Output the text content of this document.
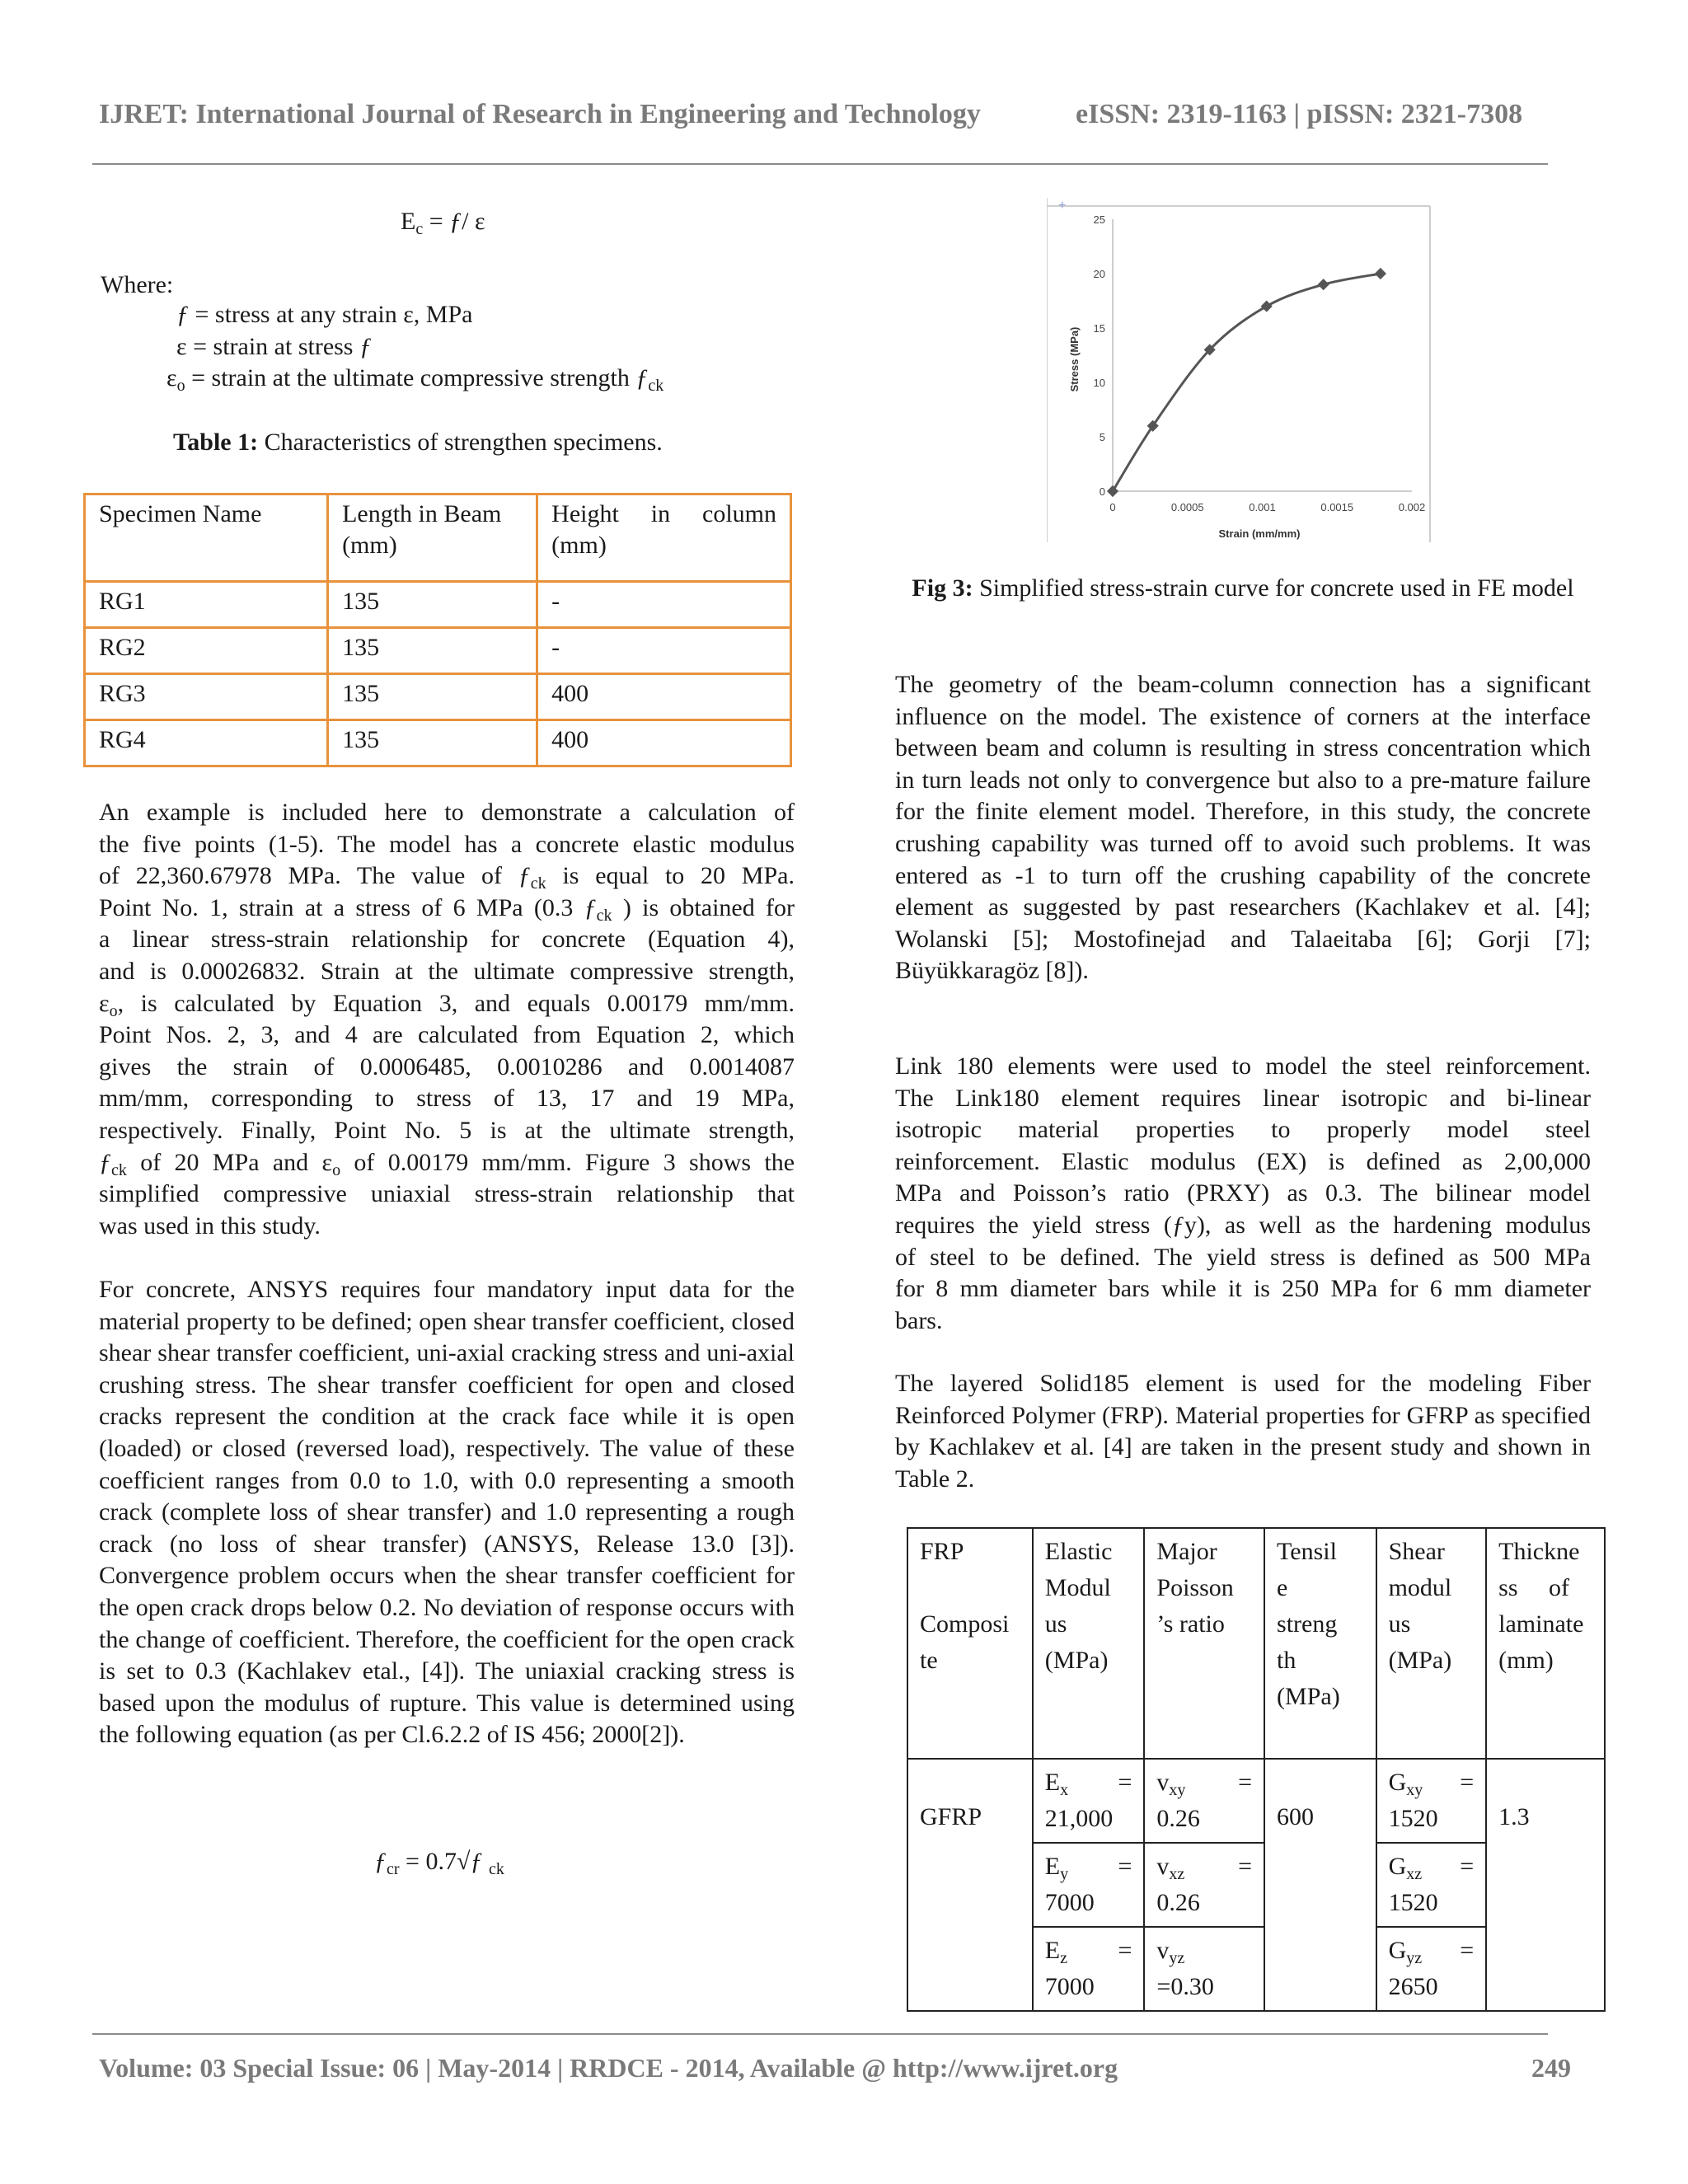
IJRET: International Journal of Research in Engineering and Technology	eISSN: 2319-1163 | pISSN: 2321-7308
$E_c$ = ƒ/ ε
Where:
ƒ = stress at any strain ε, MPa
ε = strain at stress ƒ
$\varepsilon_o$ = strain at the ultimate compressive strength $ƒ_{ck}$
Table 1: Characteristics of strengthen specimens.
Specimen Name	Length in Beam (mm)	Height in column (mm)
RG1	135	-
RG2	135	-
RG3	135	400
RG4	135	400

An example is included here to demonstrate a calculation of

the five points (1-5). The model has a concrete elastic modulus

of 22,360.67978 MPa. The value of $ƒ_{ck}$ is equal to 20 MPa.

Point No. 1, strain at a stress of 6 MPa (0.3 $ƒ_{ck}$ ) is obtained for

a linear stress-strain relationship for concrete (Equation 4),

and is 0.00026832. Strain at the ultimate compressive strength,

$\varepsilon_o$, is calculated by Equation 3, and equals 0.00179 mm/mm.

Point Nos. 2, 3, and 4 are calculated from Equation 2, which

gives the strain of 0.0006485, 0.0010286 and 0.0014087

mm/mm, corresponding to stress of 13, 17 and 19 MPa,

respectively. Finally, Point No. 5 is at the ultimate strength,

$ƒ_{ck}$ of 20 MPa and $\varepsilon_o$ of 0.00179 mm/mm. Figure 3 shows the

simplified compressive uniaxial stress-strain relationship that

was used in this study.

For concrete, ANSYS requires four mandatory input data for the material property to be defined; open shear transfer coefficient, closed shear shear transfer coefficient, uni-axial cracking stress and uni-axial crushing stress. The shear transfer coefficient for open and closed cracks represent the condition at the crack face while it is open (loaded) or closed (reversed load), respectively. The value of these coefficient ranges from 0.0 to 1.0, with 0.0 representing a smooth crack (complete loss of shear transfer) and 1.0 representing a rough crack (no loss of shear transfer) (ANSYS, Release 13.0 [3]). Convergence problem occurs when the shear transfer coefficient for the open crack drops below 0.2. No deviation of response occurs with the change of coefficient. Therefore, the coefficient for the open crack is set to 0.3 (Kachlakev etal., [4]). The uniaxial cracking stress is based upon the modulus of rupture. This value is determined using the following equation (as per Cl.6.2.2 of IS 456; 2000[2]).
$ƒ_{cr}$ = 0.7√ƒ $_{ck}$
+
0
5
10
15
20
25
0	0.0005	0.001	0.0015	0.002
Strain (mm/mm)
Stress (MPa)
Fig 3: Simplified stress-strain curve for concrete used in FE model
The geometry of the beam-column connection has a significant influence on the model. The existence of corners at the interface between beam and column is resulting in stress concentration which in turn leads not only to convergence but also to a pre-mature failure for the finite element model. Therefore, in this study, the concrete crushing capability was turned off to avoid such problems. It was entered as -1 to turn off the crushing capability of the concrete element as suggested by past researchers (Kachlakev et al. [4]; Wolanski [5]; Mostofinejad and Talaeitaba [6]; Gorji [7]; Büyükkaragöz [8]).

Link 180 elements were used to model the steel reinforcement.

The Link180 element requires linear isotropic and bi-linear

isotropic material properties to properly model steel

reinforcement. Elastic modulus (EX) is defined as 2,00,000

MPa and Poisson’s ratio (PRXY) as 0.3. The bilinear model

requires the yield stress (ƒy), as well as the hardening modulus

of steel to be defined. The yield stress is defined as 500 MPa

for 8 mm diameter bars while it is 250 MPa for 6 mm diameter

bars.

The layered Solid185 element is used for the modeling Fiber Reinforced Polymer (FRP). Material properties for GFRP as specified by Kachlakev et al. [4] are taken in the present study and shown in Table 2.
FRP

Composi
te	Elastic
Modul
us
(MPa)	Major
Poisson
’s ratio	Tensil
e
streng
th
(MPa)	Shear
modul
us
(MPa)	Thickne
ss     of
laminate
(mm)
GFRP	$E_x$ =
21,000	$v_{xy}$ =
0.26	600	$G_{xy}$ =
1520	1.3

	$E_y$ =
7000	$v_{xz}$ =
0.26		$G_{xz}$ =
1520	

	$E_z$ =
7000	$v_{yz}$
=0.30		$G_{yz}$ =
2650	
Volume: 03 Special Issue: 06 | May-2014 | RRDCE - 2014, Available @ http://www.ijret.org	249
